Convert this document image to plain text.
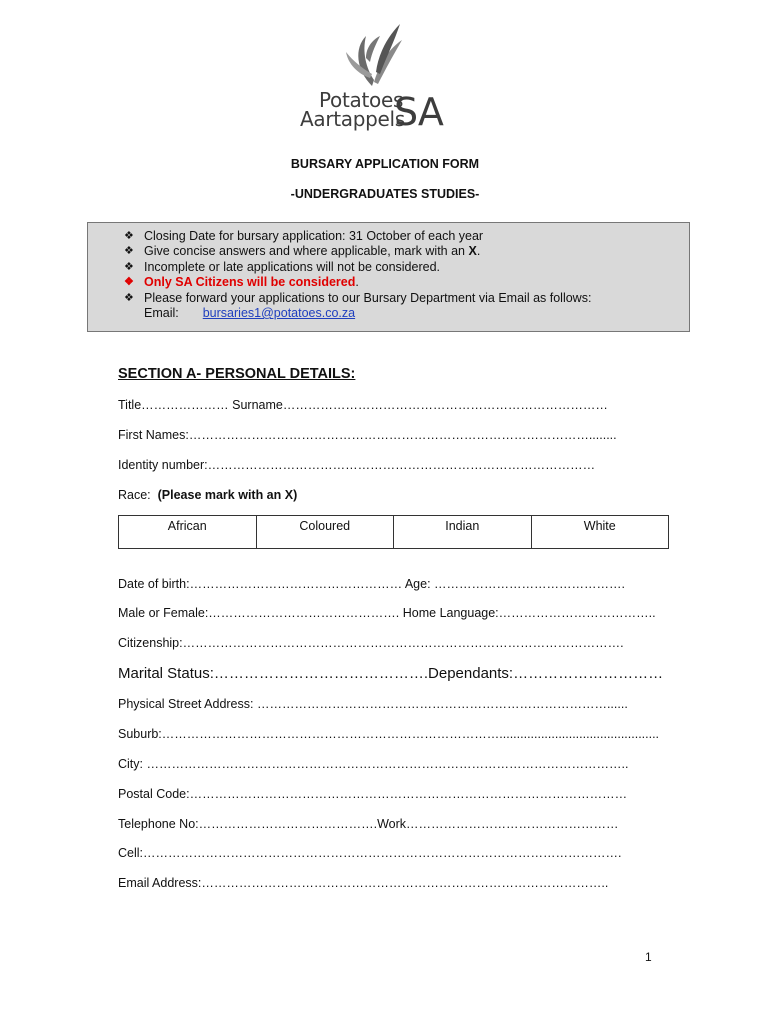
Potatoes
Aartappels
SA
BURSARY APPLICATION FORM
-UNDERGRADUATES STUDIES-
❖ Closing Date for bursary application: 31 October of each year
❖ Give concise answers and where applicable, mark with an X.
❖ Incomplete or late applications will not be considered.
❖ Only SA Citizens will be considered.
❖ Please forward your applications to our Bursary Department via Email as follows:
Email: bursaries1@potatoes.co.za
SECTION A- PERSONAL DETAILS:
Title………………… Surname……………………………………………………………………
First Names:……………………………………………………………………………………........
Identity number:…………………………………………………………………………………
Race: (Please mark with an X)
African	Coloured	Indian	White
Date of birth:…………………………………………… Age: ……………………………………….
Male or Female:………………………………………. Home Language:………………………………..
Citizenship:…………………………………………………………………………………………….
Marital Status:…………………………………….Dependants:…………………………
Physical Street Address: …………………………………………………………………………......
Suburb:………………………………………………………………………..............................................
City: ……………………………………………………………………………………………………..
Postal Code:……………………………………………………………………………………………
Telephone No:…………………………………….Work……………………………………………
Cell:…………………………………………………………………………………………………….
Email Address:……………………………………………………………………………………..
1
